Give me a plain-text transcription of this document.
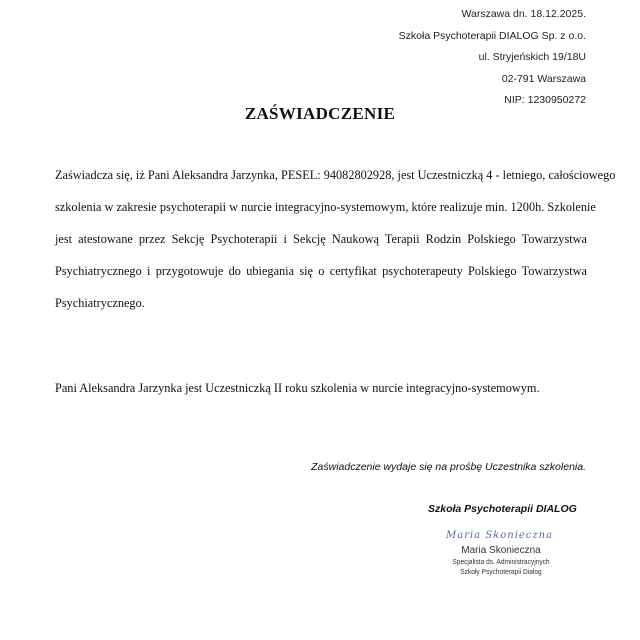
Warszawa dn. 18.12.2025.
Szkoła Psychoterapii DIALOG Sp. z o.o.
ul. Stryjeńskich 19/18U
02-791 Warszawa
NIP: 1230950272
ZAŚWIADCZENIE
Zaświadcza się, iż Pani Aleksandra Jarzynka, PESEL: 94082802928, jest Uczestniczką 4 - letniego, całościowego
szkolenia w zakresie psychoterapii w nurcie integracyjno-systemowym, które realizuje min. 1200h. Szkolenie
jest atestowane przez Sekcję Psychoterapii i Sekcję Naukową Terapii Rodzin Polskiego Towarzystwa
Psychiatrycznego i przygotowuje do ubiegania się o certyfikat psychoterapeuty Polskiego Towarzystwa
Psychiatrycznego.
Pani Aleksandra Jarzynka jest Uczestniczką II roku szkolenia w nurcie integracyjno-systemowym.
Zaświadczenie wydaje się na prośbę Uczestnika szkolenia.
Szkoła Psychoterapii DIALOG
Maria Skonieczna
Maria Skonieczna
Specjalista ds. Administracyjnych
Szkoły Psychoterapii Dialog
